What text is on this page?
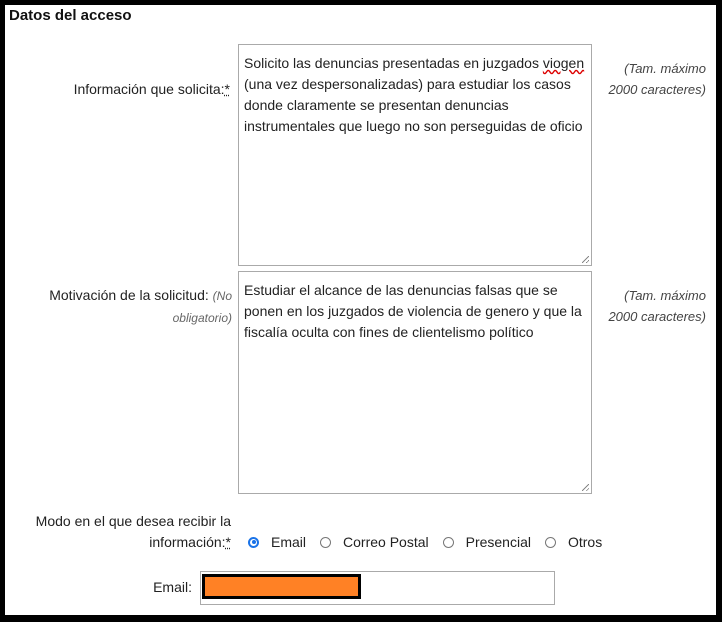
Datos del acceso
Información que solicita:*
Solicito las denuncias presentadas en juzgados viogen (una vez despersonalizadas) para estudiar los casos donde claramente se presentan denuncias instrumentales que luego no son perseguidas de oficio
(Tam. máximo 2000 caracteres)
Motivación de la solicitud: (No obligatorio)
Estudiar el alcance de las denuncias falsas que se ponen en los juzgados de violencia de genero y que la fiscalía oculta con fines de clientelismo político
(Tam. máximo 2000 caracteres)
Modo en el que desea recibir la
información:*	Email	Correo Postal	Presencial	Otros
Email:
